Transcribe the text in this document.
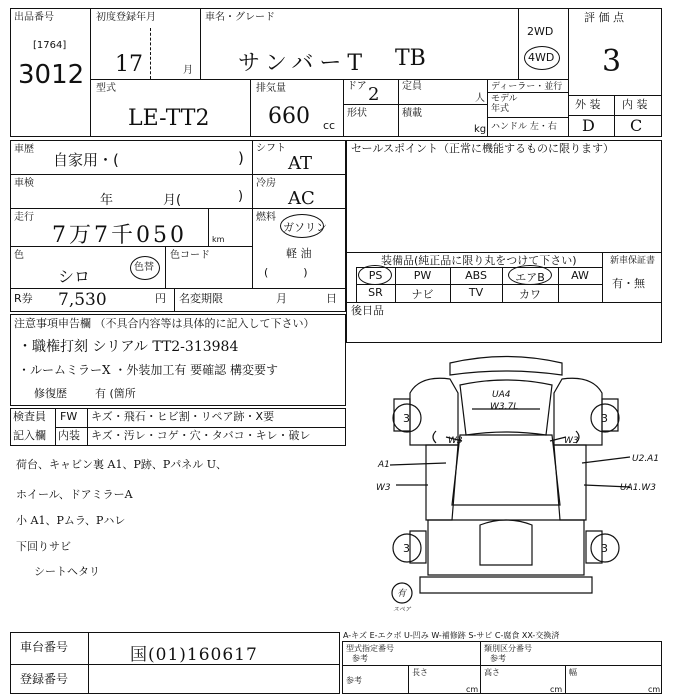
出品番号
[1764]
3012
初度登録年月
17	月
車名・グレード
サンバーT TB
2WD
4WD
評 価 点
3
型式
LE-TT2
排気量
660 cc
ドア 2 定員
人
形状	積載
kg
ディーラー・並行
モデル
年式
ハンドル 左・右
外 装 内 装
D C
車歴
自家用・(	)
車検
年	月(	)
走行
7万7千050	km
色
シロ	色替
色コード
シフト
AT
冷房
AC
燃料
ガソリン
軽 油
(          )
R券 7,530	円 名変期限	月	日
セールスポイント（正常に機能するものに限ります）
装備品(純正品に限り丸をつけて下さい)	新車保証書
有・無
PS	PW	ABS	エアB	AW
SR	ナビ	TV	カワ
後日品
注意事項申告欄 （不具合内容等は具体的に記入して下さい）
・職権打刻 シリアル TT2-313984
・ルームミラーX ・外装加工有 要確認 構変要す
修復歴	有 (箇所
検査員
記入欄
FW キズ・飛石・ヒビ割・リペア跡・X要
内装 キズ・汚レ・コゲ・穴・タバコ・キレ・破レ
荷台、キャビン裏 A1、P跡、Pパネル U、
ホイール、ドアミラーA
小 A1、Pムラ、Pハレ
下回りサビ
シートヘタリ
3	3
3	3
UA4
W3.7L
A1
W3
U2.A1
UA1.W3
W3	W3
有
スペア
A-キズ E-エクボ U-凹み W-補修跡 S-サビ C-腐食 XX-交換済
車台番号	国(01)160617
登録番号
型式指定番号
参考
類別区分番号
参考
参考
長さ
cm
高さ
cm
幅
cm
